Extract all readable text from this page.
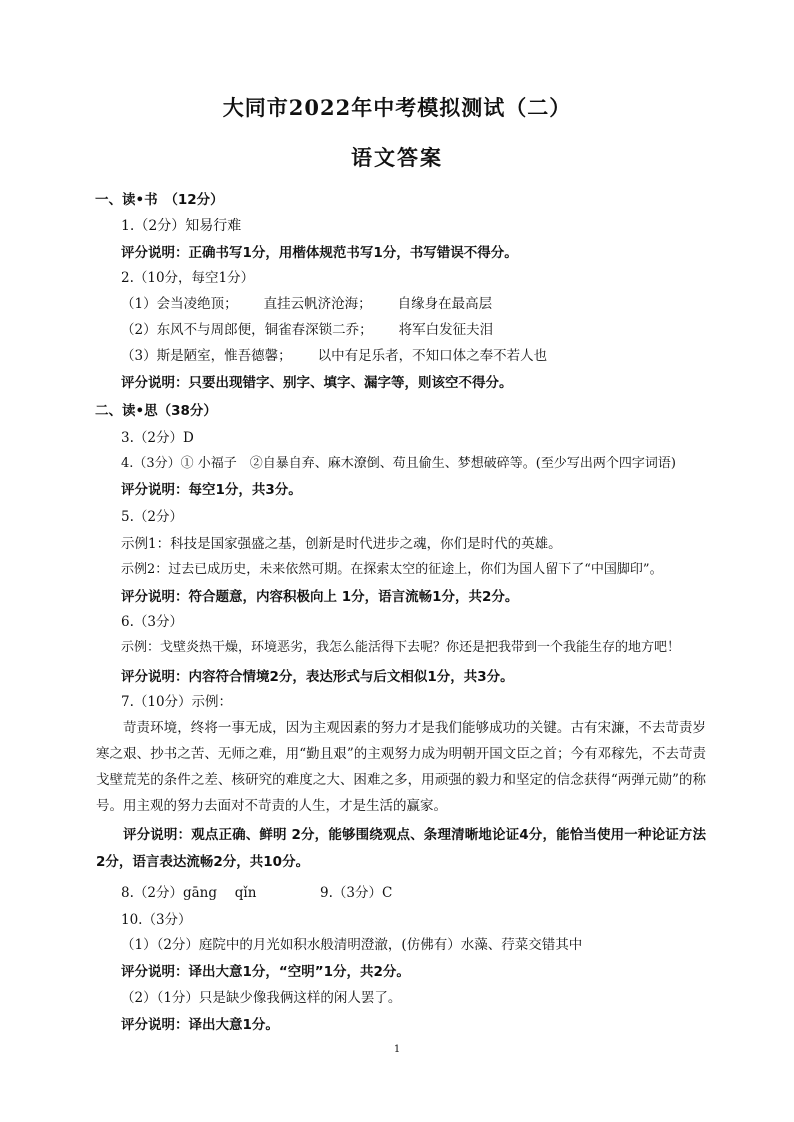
大同市2022年中考模拟测试（二）
语文答案
一、读•书　（12分）
1.（2分）知易行难
评分说明：正确书写1分，用楷体规范书写1分，书写错误不得分。
2.（10分，每空1分）
（1）会当凌绝顶； 直挂云帆济沧海； 自缘身在最高层
（2）东风不与周郎便，铜雀春深锁二乔； 将军白发征夫泪
（3）斯是陋室，惟吾德馨； 以中有足乐者，不知口体之奉不若人也
评分说明：只要出现错字、别字、填字、漏字等，则该空不得分。
二、读•思（38分）
3.（2分）D
4.（3分）① 小福子　②自暴自弃、麻木潦倒、苟且偷生、梦想破碎等。(至少写出两个四字词语)
评分说明：每空1分，共3分。
5.（2分）
示例1：科技是国家强盛之基，创新是时代进步之魂，你们是时代的英雄。
示例2：过去已成历史，未来依然可期。在探索太空的征途上，你们为国人留下了“中国脚印”。
评分说明：符合题意，内容积极向上 1分，语言流畅1分，共2分。
6.（3分）
示例：戈壁炎热干燥，环境恶劣，我怎么能活得下去呢？你还是把我带到一个我能生存的地方吧！
评分说明：内容符合情境2分，表达形式与后文相似1分，共3分。
7.（10分）示例：
苛责环境，终将一事无成，因为主观因素的努力才是我们能够成功的关键。古有宋濂，不去苛责岁寒之艰、抄书之苦、无师之难，用“勤且艰”的主观努力成为明朝开国文臣之首；今有邓稼先，不去苛责戈壁荒芜的条件之差、核研究的难度之大、困难之多，用顽强的毅力和坚定的信念获得“两弹元勋”的称号。用主观的努力去面对不苛责的人生，才是生活的赢家。
评分说明：观点正确、鲜明 2分，能够围绕观点、条理清晰地论证4分，能恰当使用一种论证方法2分，语言表达流畅2分，共10分。
8.（2分）gāng　 qǐn	9.（3分）C
10.（3分）
（1）（2分）庭院中的月光如积水般清明澄澈，(仿佛有）水藻、荇菜交错其中
评分说明：译出大意1分，“空明”1分，共2分。
（2）（1分）只是缺少像我俩这样的闲人罢了。
评分说明：译出大意1分。
1
